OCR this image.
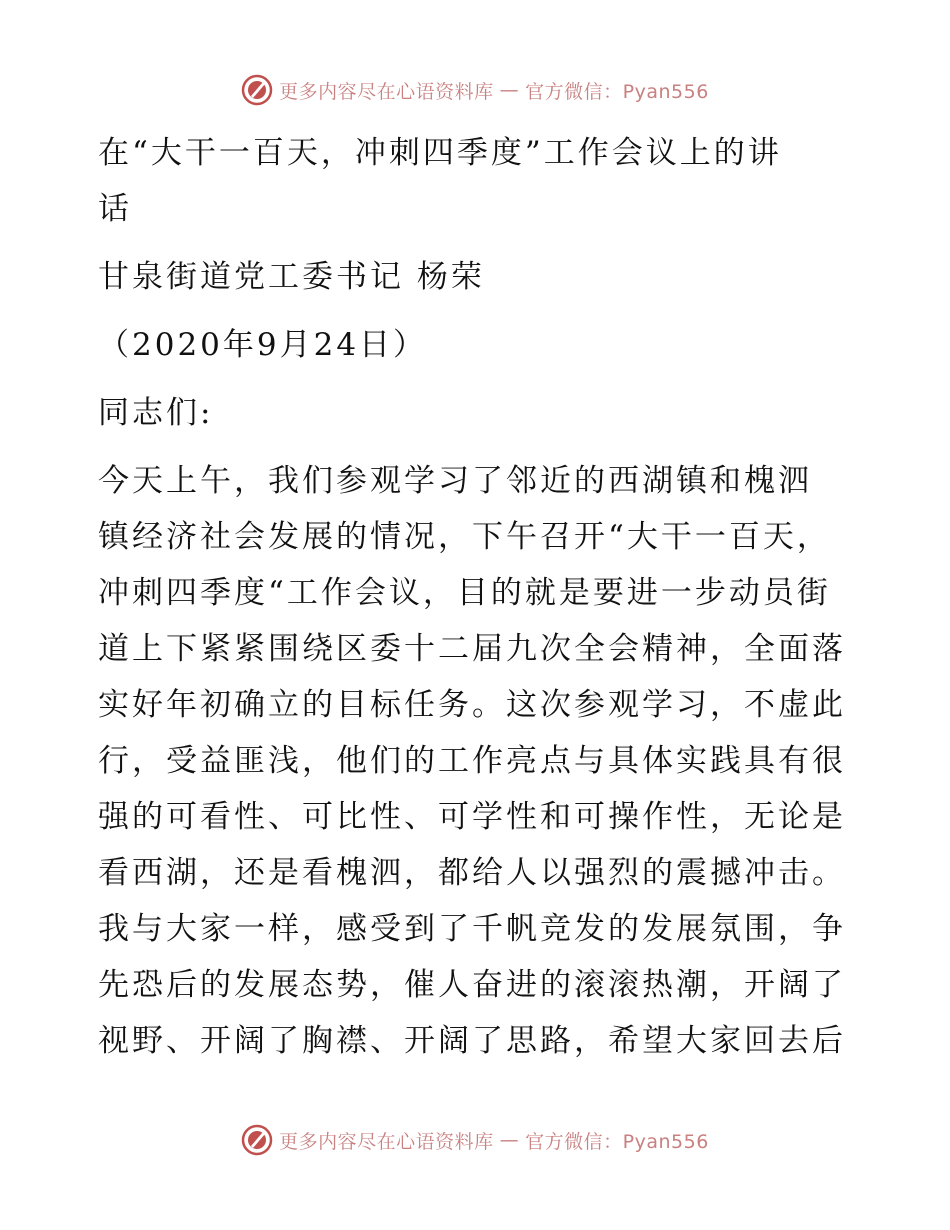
更多内容尽在心语资料库 — 官方微信：Pyan556
在“大干一百天，冲刺四季度”工作会议上的讲
话
甘泉街道党工委书记 杨荣
（2020年9月24日）
同志们:
今天上午，我们参观学习了邻近的西湖镇和槐泗
镇经济社会发展的情况，下午召开“大干一百天，
冲刺四季度“工作会议，目的就是要进一步动员街
道上下紧紧围绕区委十二届九次全会精神，全面落
实好年初确立的目标任务。这次参观学习，不虚此
行，受益匪浅，他们的工作亮点与具体实践具有很
强的可看性、可比性、可学性和可操作性，无论是
看西湖，还是看槐泗，都给人以强烈的震撼冲击。
我与大家一样，感受到了千帆竞发的发展氛围，争
先恐后的发展态势，催人奋进的滚滚热潮，开阔了
视野、开阔了胸襟、开阔了思路，希望大家回去后
更多内容尽在心语资料库 — 官方微信：Pyan556
